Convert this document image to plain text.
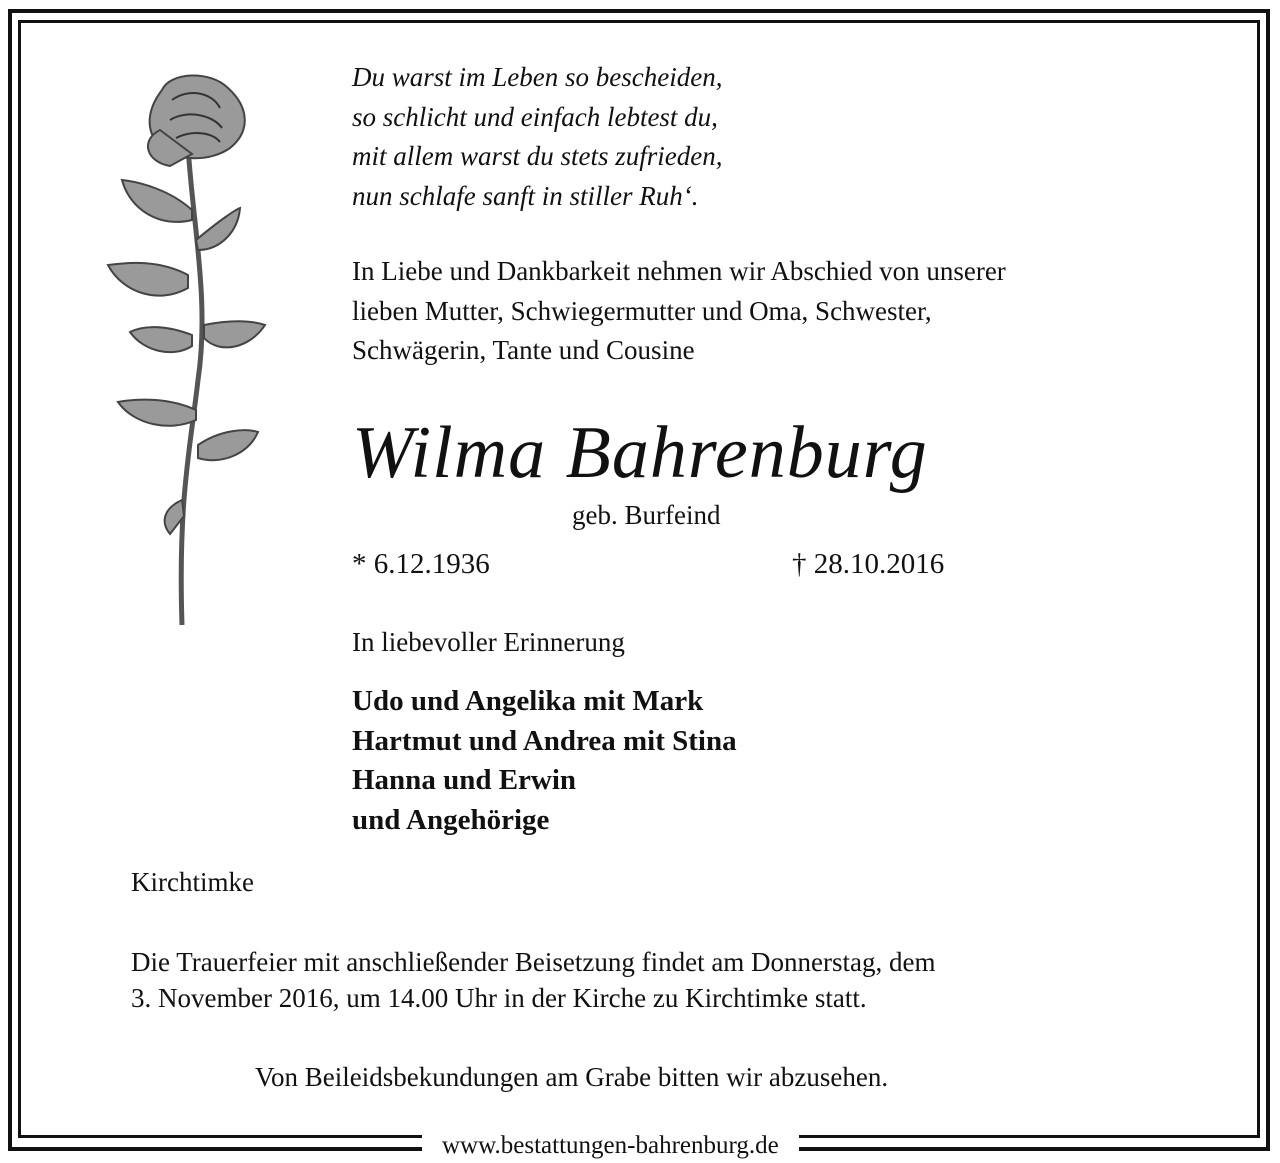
Du warst im Leben so bescheiden,
so schlicht und einfach lebtest du,
mit allem warst du stets zufrieden,
nun schlafe sanft in stiller Ruh‘.
In Liebe und Dankbarkeit nehmen wir Abschied von unserer
lieben Mutter, Schwiegermutter und Oma, Schwester,
Schwägerin, Tante und Cousine
Wilma Bahrenburg
geb. Burfeind
* 6.12.1936	† 28.10.2016
In liebevoller Erinnerung
Udo und Angelika mit Mark
Hartmut und Andrea mit Stina
Hanna und Erwin
und Angehörige
Kirchtimke
Die Trauerfeier mit anschließender Beisetzung findet am Donnerstag, dem
3. November 2016, um 14.00 Uhr in der Kirche zu Kirchtimke statt.
Von Beileidsbekundungen am Grabe bitten wir abzusehen.
www.bestattungen-bahrenburg.de
